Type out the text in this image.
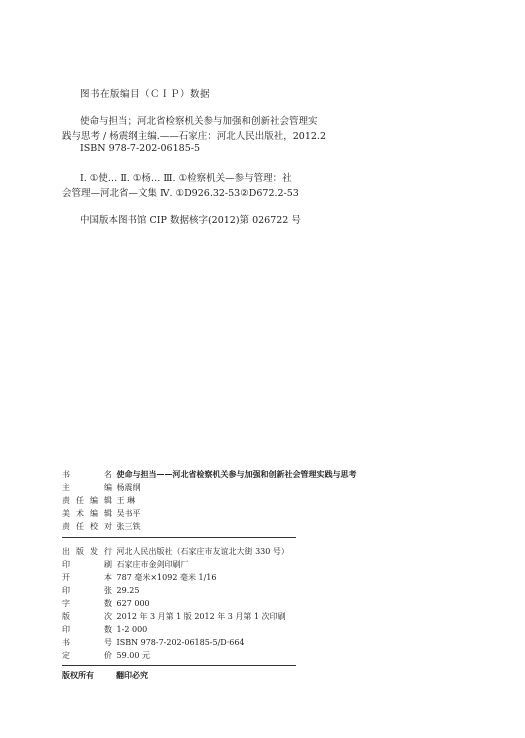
图书在版编目（ＣＩＰ）数据
使命与担当；河北省检察机关参与加强和创新社会管理实
践与思考 / 杨震纲主编.——石家庄：河北人民出版社，2012.2
ISBN 978-7-202-06185-5
Ⅰ. ①使… Ⅱ. ①杨… Ⅲ. ①检察机关—参与管理：社
会管理—河北省—文集 Ⅳ. ①D926.32-53②D672.2-53
中国版本图书馆 CIP 数据核字(2012)第 026722 号
书 名 使命与担当——河北省检察机关参与加强和创新社会管理实践与思考
主 编 杨震纲
责任编辑 王 琳
美术编辑 吴书平
责任校对 张三铁
出版发行 河北人民出版社（石家庄市友谊北大街 330 号）
印 刷 石家庄市金剑印刷厂
开 本 787 毫米×1092 毫米 1/16
印 张 29.25
字 数 627 000
版 次 2012 年 3 月第 1 版 2012 年 3 月第 1 次印刷
印 数 1-2 000
书 号 ISBN 978-7-202-06185-5/D·664
定 价 59.00 元
版权所有	翻印必究
